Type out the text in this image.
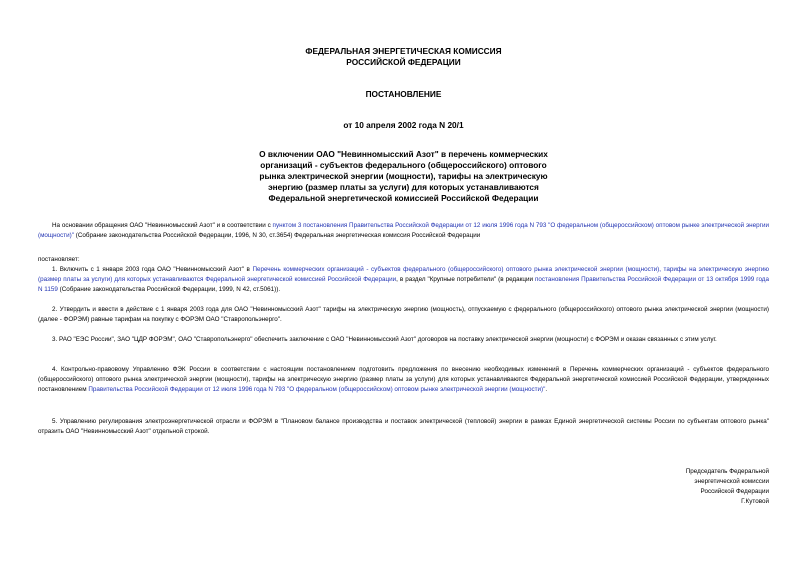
ФЕДЕРАЛЬНАЯ ЭНЕРГЕТИЧЕСКАЯ КОМИССИЯ
РОССИЙСКОЙ ФЕДЕРАЦИИ
ПОСТАНОВЛЕНИЕ
от 10 апреля 2002 года N 20/1
О включении ОАО "Невинномысский Азот" в перечень коммерческих
организаций - субъектов федерального (общероссийского) оптового
рынка электрической энергии (мощности), тарифы на электрическую
энергию (размер платы за услуги) для которых устанавливаются
Федеральной энергетической комиссией Российской Федерации
На основании обращения ОАО "Невинномысский Азот" и в соответствии с пунктом 3 постановления Правительства Российской Федерации от 12 июля 1996 года N 793 "О федеральном (общероссийском) оптовом рынке электрической энергии (мощности)" (Собрание законодательства Российской Федерации, 1996, N 30, ст.3654) Федеральная энергетическая комиссия Российской Федерации
постановляет:
1. Включить с 1 января 2003 года ОАО "Невинномысский Азот" в Перечень коммерческих организаций - субъектов федерального (общероссийского) оптового рынка электрической энергии (мощности), тарифы на электрическую энергию (размер платы за услуги) для которых устанавливаются Федеральной энергетической комиссией Российской Федерации, в раздел "Крупные потребители" (в редакции постановления Правительства Российской Федерации от 13 октября 1999 года N 1159 (Собрание законодательства Российской Федерации, 1999, N 42, ст.5061)).
2. Утвердить и ввести в действие с 1 января 2003 года для ОАО "Невинномысский Азот" тарифы на электрическую энергию (мощность), отпускаемую с федерального (общероссийского) оптового рынка электрической энергии (мощности) (далее - ФОРЭМ) равные тарифам на покупку с ФОРЭМ ОАО "Ставропольэнерго".
3. РАО "ЕЭС России", ЗАО "ЦДР ФОРЭМ", ОАО "Ставропольэнерго" обеспечить заключение с ОАО "Невинномысский Азот" договоров на поставку электрической энергии (мощности) с ФОРЭМ и оказан связанных с этим услуг.
4. Контрольно-правовому Управлению ФЭК России в соответствии с настоящим постановлением подготовить предложения по внесению необходимых изменений в Перечень коммерческих организаций - субъектов федерального (общероссийского) оптового рынка электрической энергии (мощности), тарифы на электрическую энергию (размер платы за услуги) для которых устанавливаются Федеральной энергетической комиссией Российской Федерации, утвержденных постановлением Правительства Российской Федерации от 12 июля 1996 года N 793 "О федеральном (общероссийском) оптовом рынке электрической энергии (мощности)".
5. Управлению регулирования электроэнергетической отрасли и ФОРЭМ в "Плановом балансе производства и поставок электрической (тепловой) энергии в рамках Единой энергетической системы России по субъектам оптового рынка" отразить ОАО "Невинномысский Азот" отдельной строкой.
Председатель Федеральной
энергетической комиссии
Российской Федерации
Г.Кутовой
